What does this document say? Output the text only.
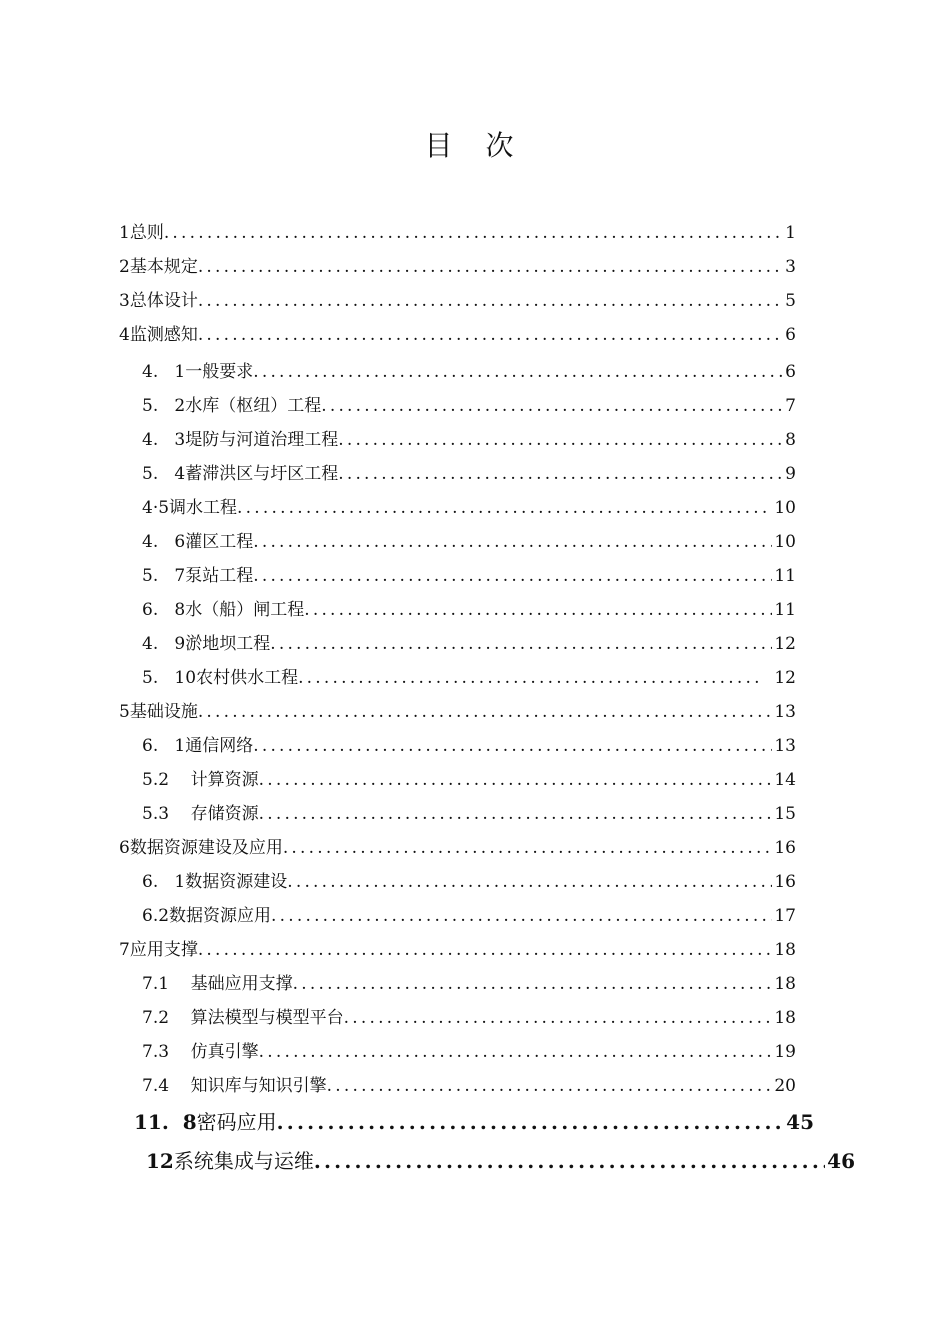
目 次
1总则 .....	1
2基本规定 .....	3
3总体设计 .....	5
4监测感知 .....	6
4.   1一般要求 .....	6
5.   2水库（枢纽）工程 .....	7
4.   3堤防与河道治理工程 .....	8
5.   4蓄滞洪区与圩区工程 .....	9
4·5调水工程 .....	10
4.   6灌区工程 .....	10
5.   7泵站工程 .....	11
6.   8水（船）闸工程 .....	11
4.   9淤地坝工程 .....	12
5.   10农村供水工程 .....	12
5基础设施 .....	13
6.   1通信网络 .....	13
5.2    计算资源 .....	14
5.3    存储资源 .....	15
6数据资源建设及应用 .....	16
6.   1数据资源建设 .....	16
6.2数据资源应用 .....	17
7应用支撑 .....	18
7.1    基础应用支撑 .....	18
7.2    算法模型与模型平台 .....	18
7.3    仿真引擎 .....	19
7.4    知识库与知识引擎 .....	20
11.  8密码应用 .....	45
12系统集成与运维 .....	46
